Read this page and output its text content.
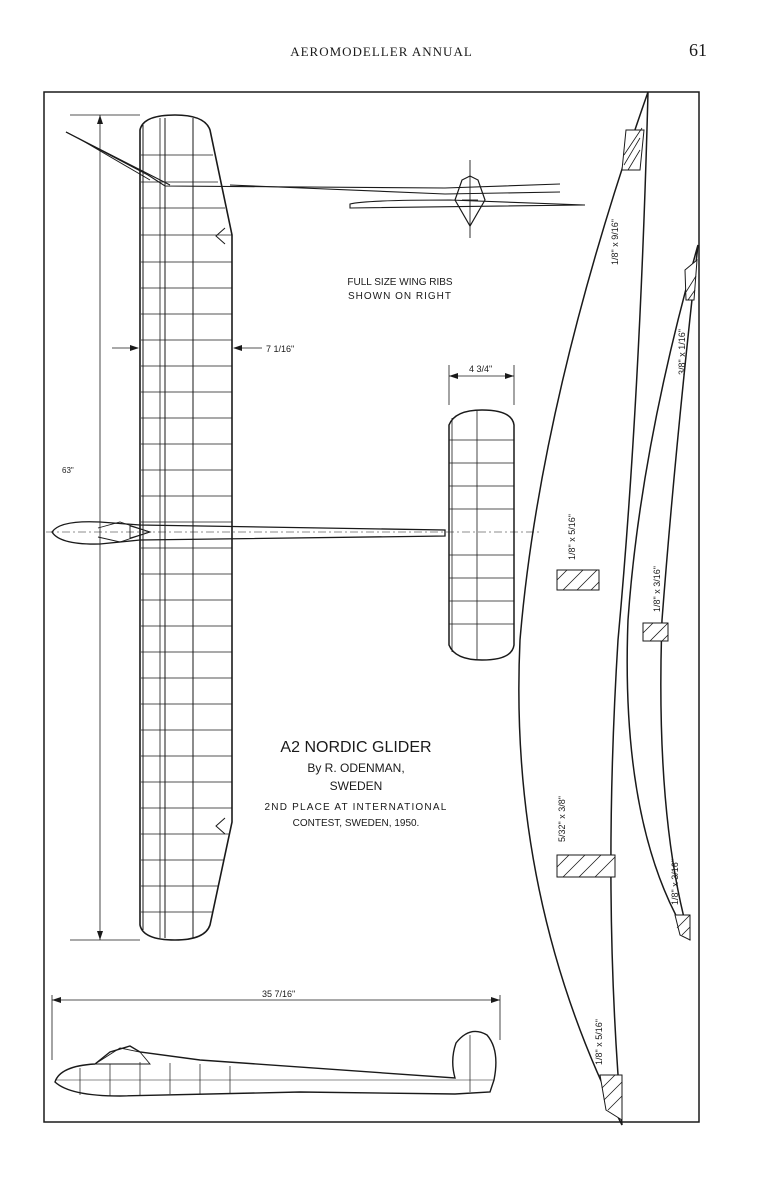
AEROMODELLER ANNUAL	61
63"
7 1/16"
4 3/4"
35 7/16"
1/8" x 9/16"
3/8" x 1/16"
1/8" x 5/16"
1/8" x 3/16"
5/32" x 3/8"
1/8" x 3/16"
1/8" x 5/16"
FULL SIZE WING RIBS
SHOWN ON RIGHT
A2 NORDIC GLIDER
By R. ODENMAN,
SWEDEN
2ND PLACE AT INTERNATIONAL
CONTEST, SWEDEN, 1950.
